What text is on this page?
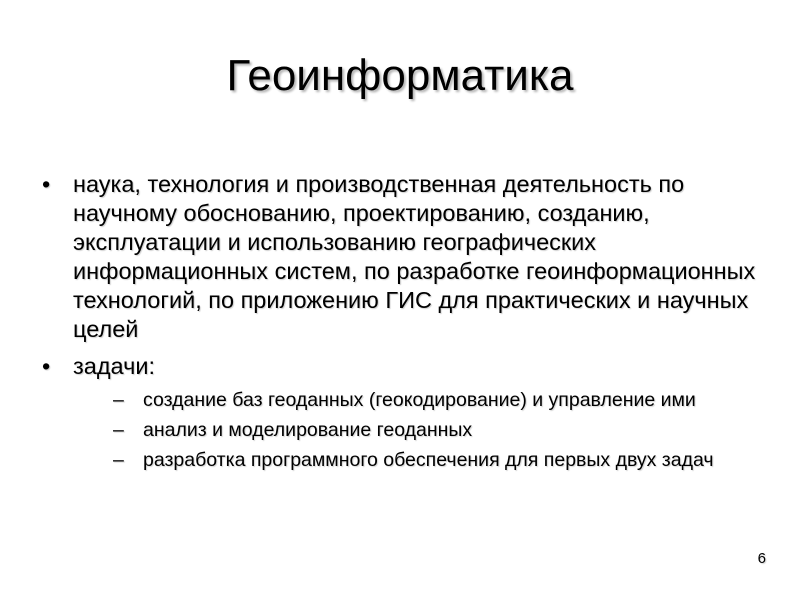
Геоинформатика
• наука, технология и производственная деятельность по научному обоснованию, проектированию, созданию, эксплуатации и использованию географических информационных систем, по разработке геоинформационных технологий, по приложению ГИС для практических и научных целей
• задачи:
– создание баз геоданных (геокодирование) и управление ими
– анализ и моделирование геоданных
– разработка программного обеспечения для первых двух задач
6
